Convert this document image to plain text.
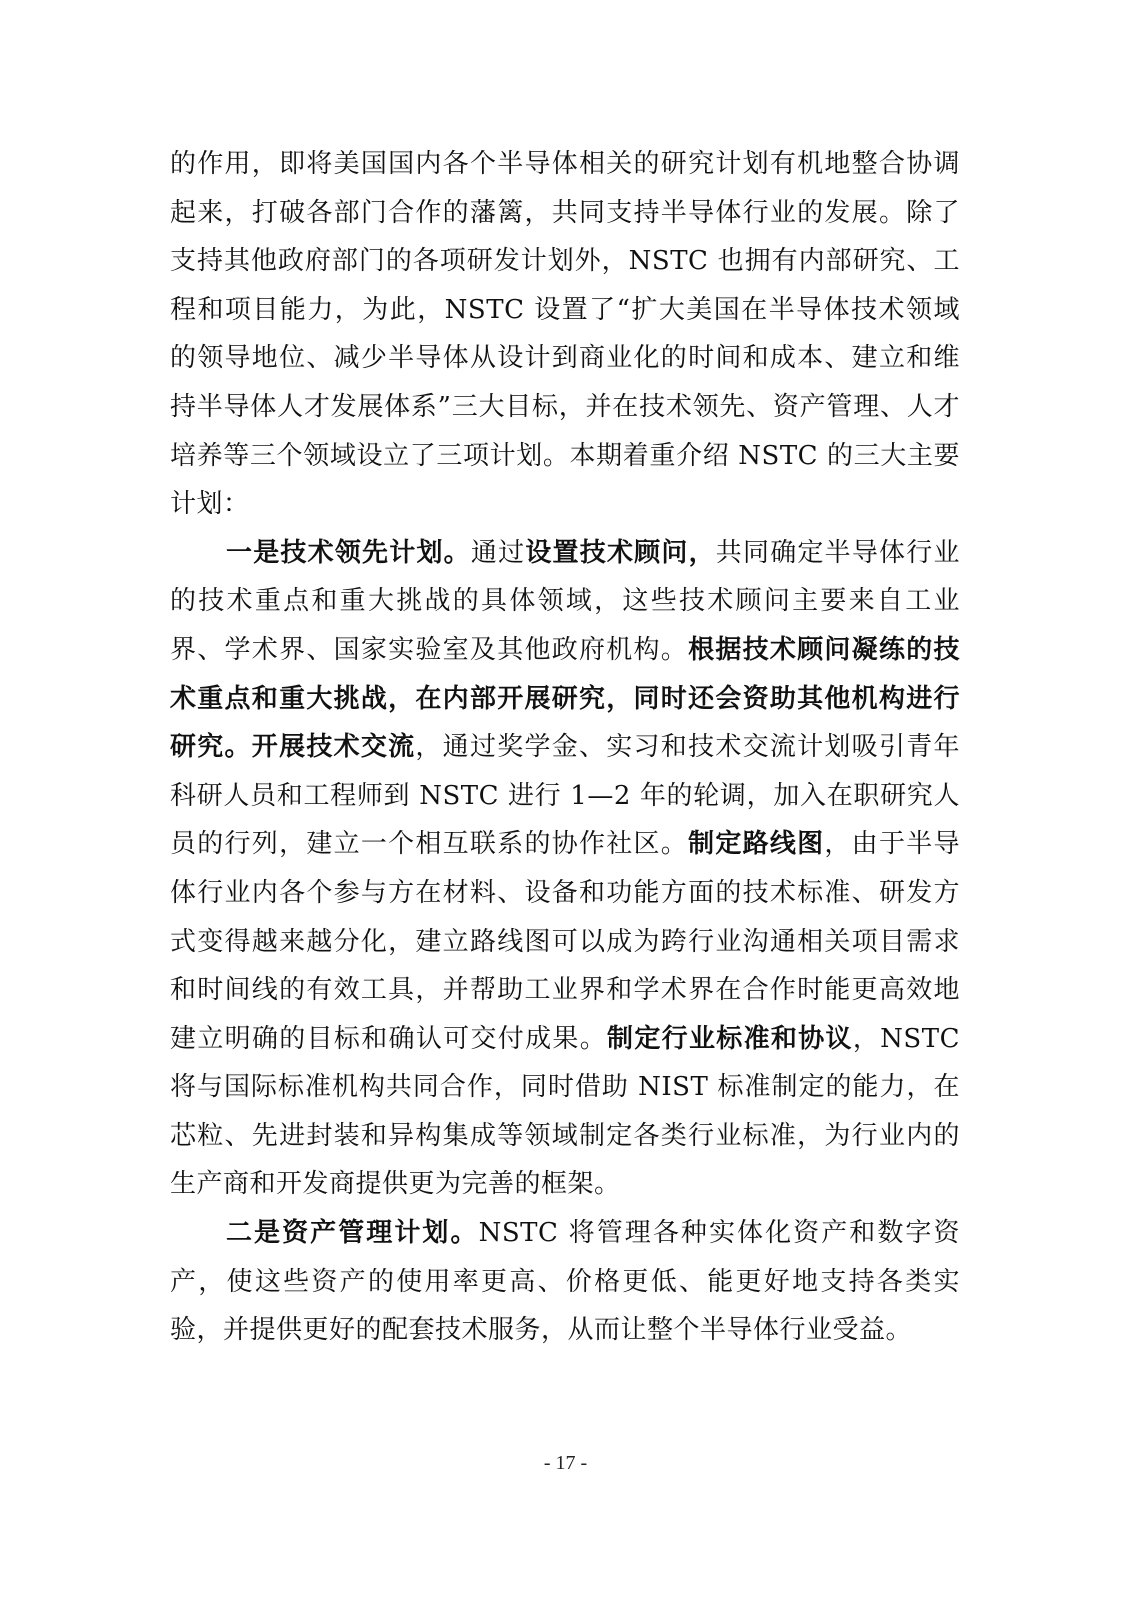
的作用，即将美国国内各个半导体相关的研究计划有机地整合协调起来，打破各部门合作的藩篱，共同支持半导体行业的发展。除了支持其他政府部门的各项研发计划外，NSTC 也拥有内部研究、工程和项目能力，为此，NSTC 设置了“扩大美国在半导体技术领域的领导地位、减少半导体从设计到商业化的时间和成本、建立和维持半导体人才发展体系”三大目标，并在技术领先、资产管理、人才培养等三个领域设立了三项计划。本期着重介绍 NSTC 的三大主要计划：

一是技术领先计划。通过设置技术顾问，共同确定半导体行业的技术重点和重大挑战的具体领域，这些技术顾问主要来自工业界、学术界、国家实验室及其他政府机构。根据技术顾问凝练的技术重点和重大挑战，在内部开展研究，同时还会资助其他机构进行研究。开展技术交流，通过奖学金、实习和技术交流计划吸引青年科研人员和工程师到 NSTC 进行 1—2 年的轮调，加入在职研究人员的行列，建立一个相互联系的协作社区。制定路线图，由于半导体行业内各个参与方在材料、设备和功能方面的技术标准、研发方式变得越来越分化，建立路线图可以成为跨行业沟通相关项目需求和时间线的有效工具，并帮助工业界和学术界在合作时能更高效地建立明确的目标和确认可交付成果。制定行业标准和协议，NSTC 将与国际标准机构共同合作，同时借助 NIST 标准制定的能力，在芯粒、先进封装和异构集成等领域制定各类行业标准，为行业内的生产商和开发商提供更为完善的框架。

二是资产管理计划。NSTC 将管理各种实体化资产和数字资产，使这些资产的使用率更高、价格更低、能更好地支持各类实验，并提供更好的配套技术服务，从而让整个半导体行业受益。

- 17 -
